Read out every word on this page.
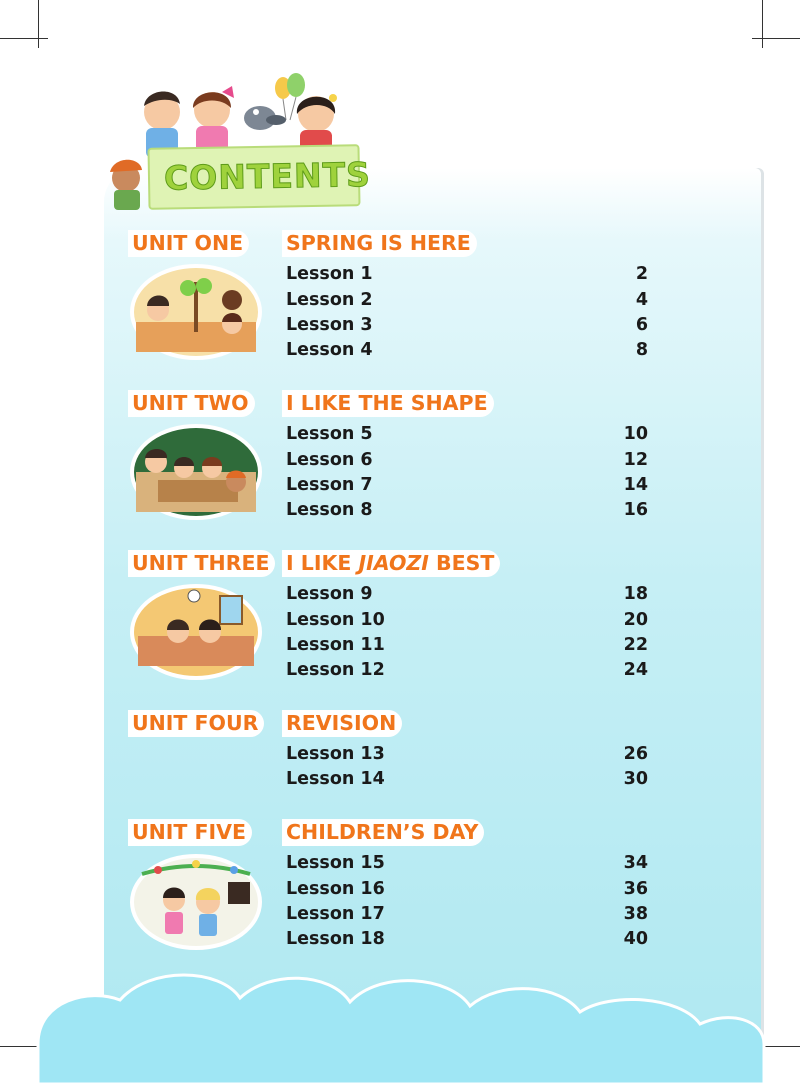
CONTENTS
UNIT ONE SPRING IS HERE
Lesson 1	2
Lesson 2	4
Lesson 3	6
Lesson 4	8
UNIT TWO I LIKE THE SHAPE
Lesson 5	10
Lesson 6	12
Lesson 7	14
Lesson 8	16
UNIT THREE I LIKE JIAOZI BEST
Lesson 9	18
Lesson 10	20
Lesson 11	22
Lesson 12	24
UNIT FOUR REVISION
Lesson 13	26
Lesson 14	30
UNIT FIVE CHILDREN’S DAY
Lesson 15	34
Lesson 16	36
Lesson 17	38
Lesson 18	40
